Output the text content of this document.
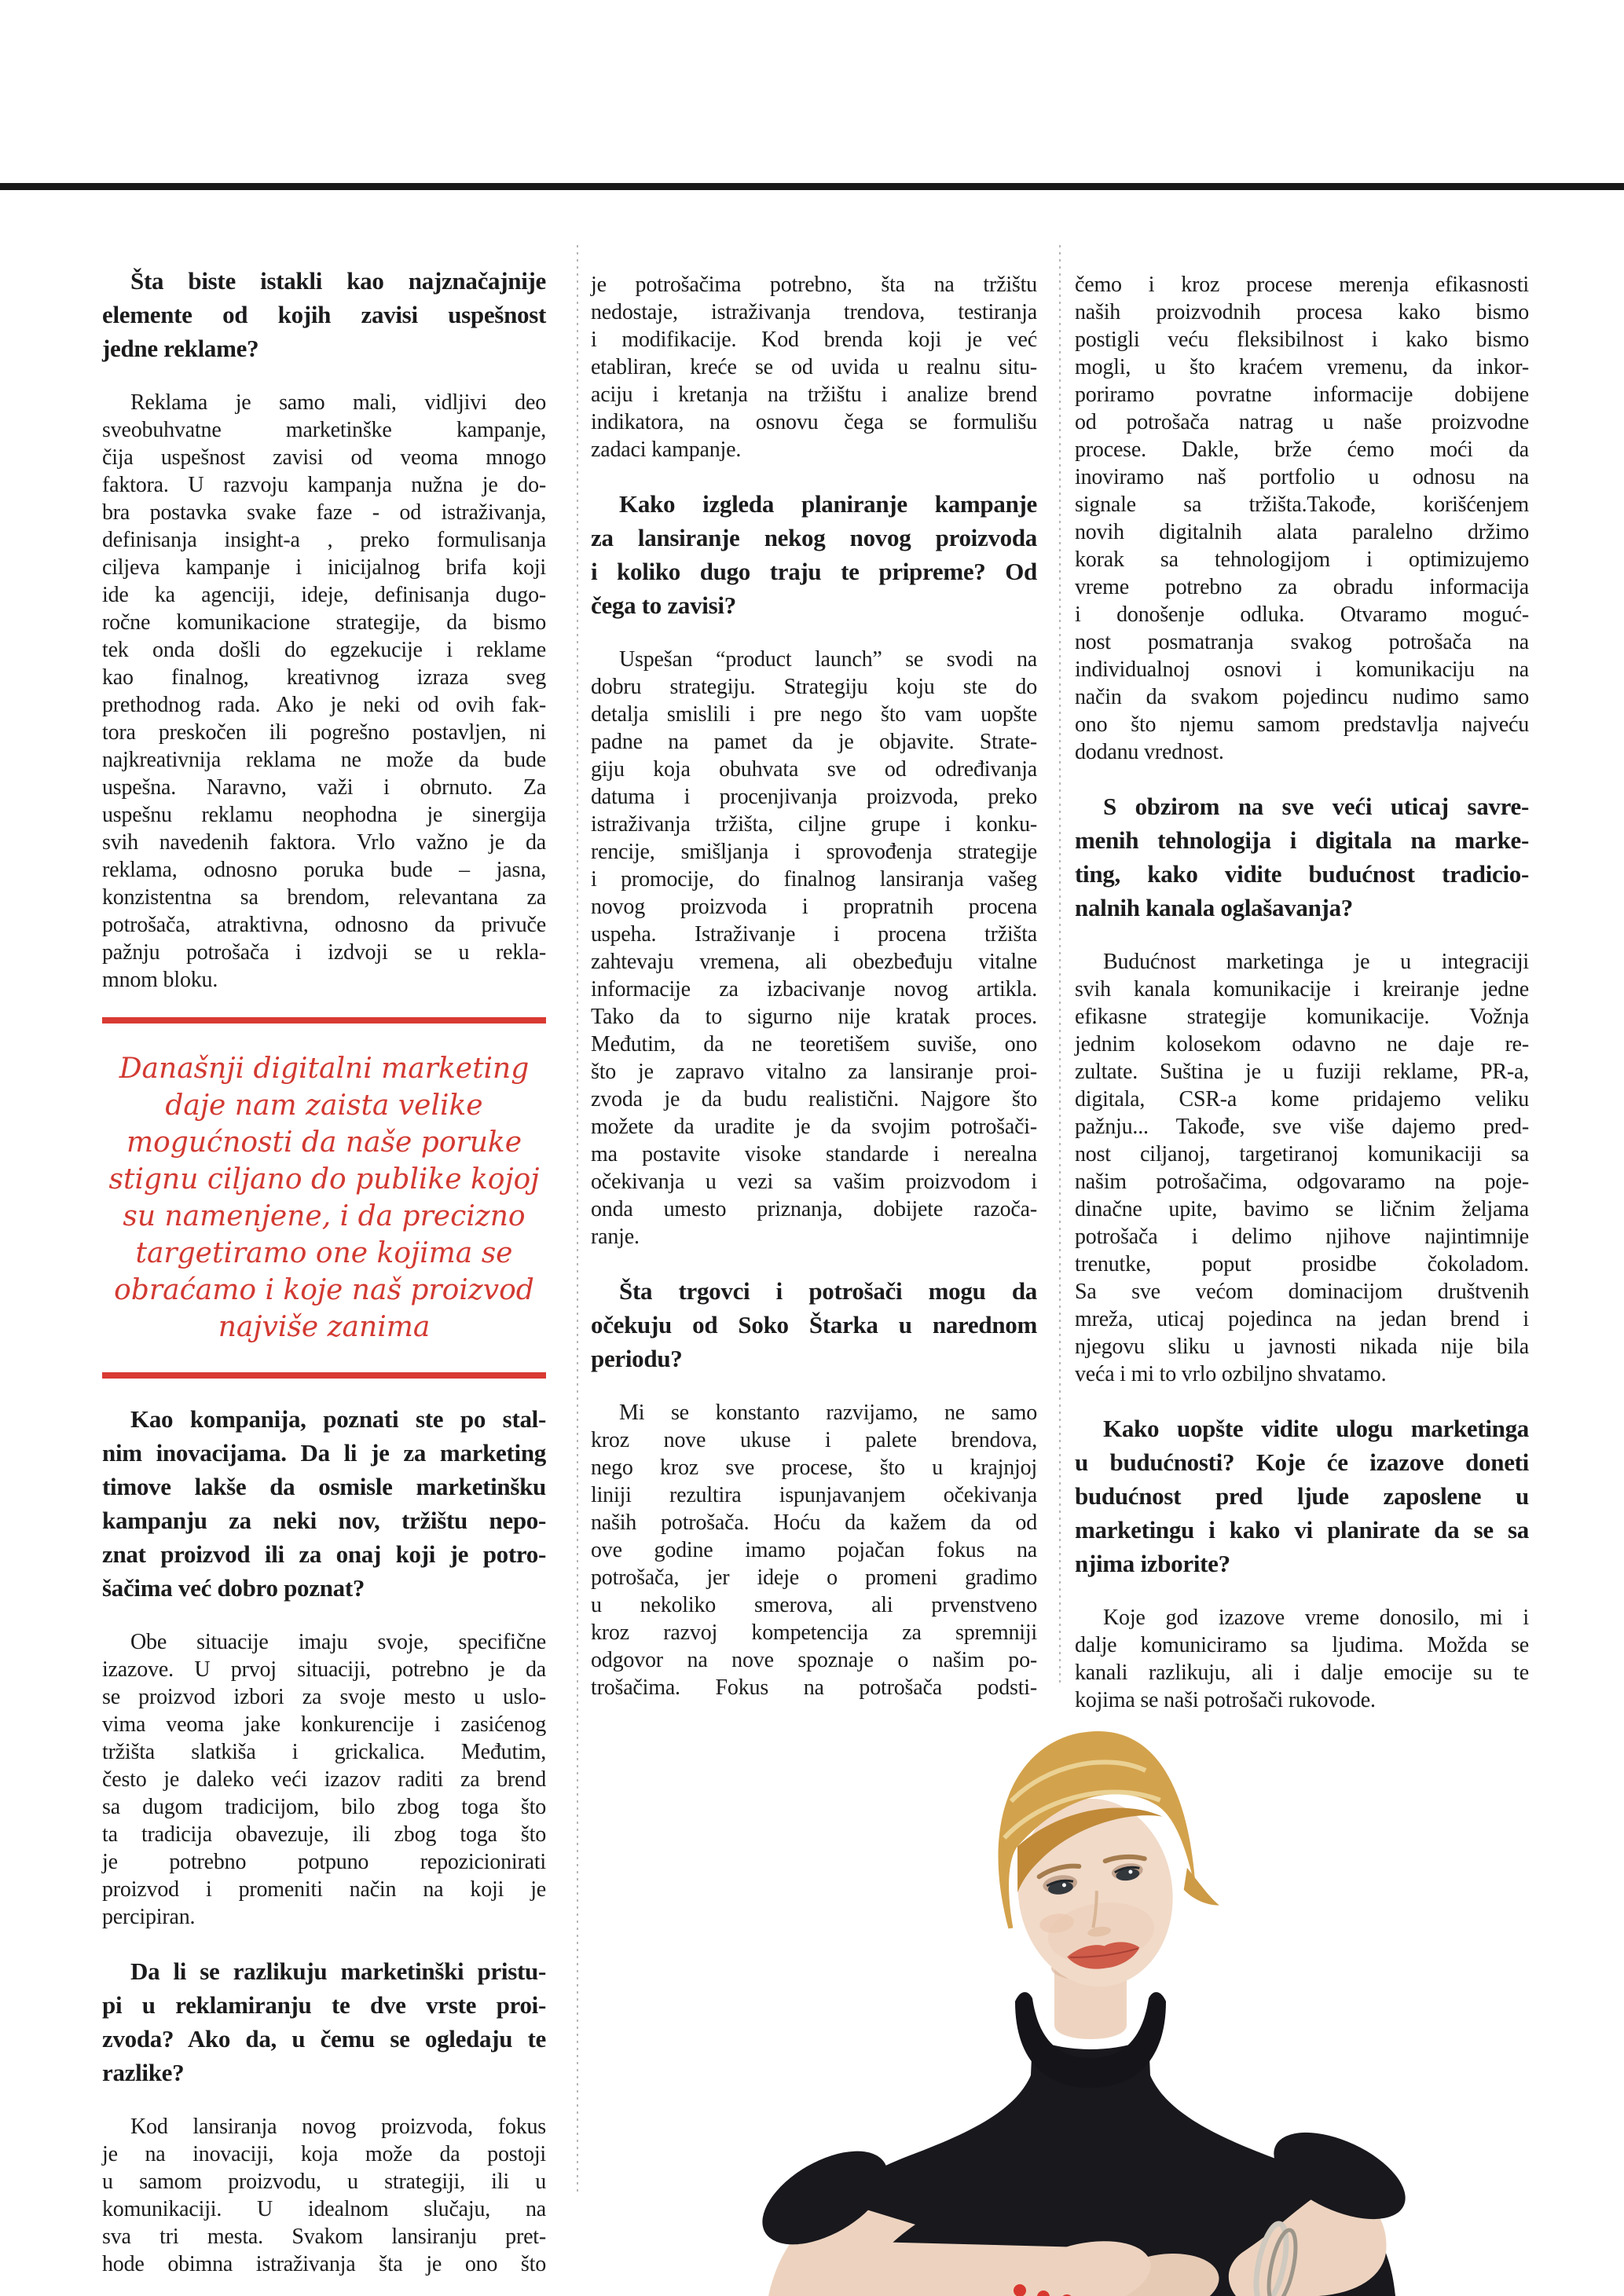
Šta biste istakli kao najznačajnije
elemente od kojih zavisi uspešnost
jedne reklame?
Reklama je samo mali, vidljivi deo
sveobuhvatne marketinške kampanje,
čija uspešnost zavisi od veoma mnogo
faktora. U razvoju kampanja nužna je do-
bra postavka svake faze - od istraživanja,
definisanja insight-a , preko formulisanja
ciljeva kampanje i inicijalnog brifa koji
ide ka agenciji, ideje, definisanja dugo-
ročne komunikacione strategije, da bismo
tek onda došli do egzekucije i reklame
kao finalnog, kreativnog izraza sveg
prethodnog rada. Ako je neki od ovih fak-
tora preskočen ili pogrešno postavljen, ni
najkreativnija reklama ne može da bude
uspešna. Naravno, važi i obrnuto. Za
uspešnu reklamu neophodna je sinergija
svih navedenih faktora. Vrlo važno je da
reklama, odnosno poruka bude – jasna,
konzistentna sa brendom, relevantana za
potrošača, atraktivna, odnosno da privuče
pažnju potrošača i izdvoji se u rekla-
mnom bloku.
Današnji digitalni marketing
daje nam zaista velike
mogućnosti da naše poruke
stignu ciljano do publike kojoj
su namenjene, i da precizno
targetiramo one kojima se
obraćamo i koje naš proizvod
najviše zanima
Kao kompanija, poznati ste po stal-
nim inovacijama. Da li je za marketing
timove lakše da osmisle marketinšku
kampanju za neki nov, tržištu nepo-
znat proizvod ili za onaj koji je potro-
šačima već dobro poznat?
Obe situacije imaju svoje, specifične
izazove. U prvoj situaciji, potrebno je da
se proizvod izbori za svoje mesto u uslo-
vima veoma jake konkurencije i zasićenog
tržišta slatkiša i grickalica. Međutim,
često je daleko veći izazov raditi za brend
sa dugom tradicijom, bilo zbog toga što
ta tradicija obavezuje, ili zbog toga što
je potrebno potpuno repozicionirati
proizvod i promeniti način na koji je
percipiran.
Da li se razlikuju marketinški pristu-
pi u reklamiranju te dve vrste proi-
zvoda? Ako da, u čemu se ogledaju te
razlike?
Kod lansiranja novog proizvoda, fokus
je na inovaciji, koja može da postoji
u samom proizvodu, u strategiji, ili u
komunikaciji. U idealnom slučaju, na
sva tri mesta. Svakom lansiranju pret-
hode obimna istraživanja šta je ono što
je potrošačima potrebno, šta na tržištu
nedostaje, istraživanja trendova, testiranja
i modifikacije. Kod brenda koji je već
etabliran, kreće se od uvida u realnu situ-
aciju i kretanja na tržištu i analize brend
indikatora, na osnovu čega se formulišu
zadaci kampanje.
Kako izgleda planiranje kampanje
za lansiranje nekog novog proizvoda
i koliko dugo traju te pripreme? Od
čega to zavisi?
Uspešan “product launch” se svodi na
dobru strategiju. Strategiju koju ste do
detalja smislili i pre nego što vam uopšte
padne na pamet da je objavite. Strate-
giju koja obuhvata sve od određivanja
datuma i procenjivanja proizvoda, preko
istraživanja tržišta, ciljne grupe i konku-
rencije, smišljanja i sprovođenja strategije
i promocije, do finalnog lansiranja vašeg
novog proizvoda i propratnih procena
uspeha. Istraživanje i procena tržišta
zahtevaju vremena, ali obezbeđuju vitalne
informacije za izbacivanje novog artikla.
Tako da to sigurno nije kratak proces.
Međutim, da ne teoretišem suviše, ono
što je zapravo vitalno za lansiranje proi-
zvoda je da budu realistični. Najgore što
možete da uradite je da svojim potrošači-
ma postavite visoke standarde i nerealna
očekivanja u vezi sa vašim proizvodom i
onda umesto priznanja, dobijete razoča-
ranje.
Šta trgovci i potrošači mogu da
očekuju od Soko Štarka u narednom
periodu?
Mi se konstanto razvijamo, ne samo
kroz nove ukuse i palete brendova,
nego kroz sve procese, što u krajnjoj
liniji rezultira ispunjavanjem očekivanja
naših potrošača. Hoću da kažem da od
ove godine imamo pojačan fokus na
potrošača, jer ideje o promeni gradimo
u nekoliko smerova, ali prvenstveno
kroz razvoj kompetencija za spremniji
odgovor na nove spoznaje o našim po-
trošačima. Fokus na potrošača podsti-
čemo i kroz procese merenja efikasnosti
naših proizvodnih procesa kako bismo
postigli veću fleksibilnost i kako bismo
mogli, u što kraćem vremenu, da inkor-
poriramo povratne informacije dobijene
od potrošača natrag u naše proizvodne
procese. Dakle, brže ćemo moći da
inoviramo naš portfolio u odnosu na
signale sa tržišta.Takođe, korišćenjem
novih digitalnih alata paralelno držimo
korak sa tehnologijom i optimizujemo
vreme potrebno za obradu informacija
i donošenje odluka. Otvaramo moguć-
nost posmatranja svakog potrošača na
individualnoj osnovi i komunikaciju na
način da svakom pojedincu nudimo samo
ono što njemu samom predstavlja najveću
dodanu vrednost.
S obzirom na sve veći uticaj savre-
menih tehnologija i digitala na marke-
ting, kako vidite budućnost tradicio-
nalnih kanala oglašavanja?
Budućnost marketinga je u integraciji
svih kanala komunikacije i kreiranje jedne
efikasne strategije komunikacije. Vožnja
jednim kolosekom odavno ne daje re-
zultate. Suština je u fuziji reklame, PR-a,
digitala, CSR-a kome pridajemo veliku
pažnju... Takođe, sve više dajemo pred-
nost ciljanoj, targetiranoj komunikaciji sa
našim potrošačima, odgovaramo na poje-
dinačne upite, bavimo se ličnim željama
potrošača i delimo njihove najintimnije
trenutke, poput prosidbe čokoladom.
Sa sve većom dominacijom društvenih
mreža, uticaj pojedinca na jedan brend i
njegovu sliku u javnosti nikada nije bila
veća i mi to vrlo ozbiljno shvatamo.
Kako uopšte vidite ulogu marketinga
u budućnosti? Koje će izazove doneti
budućnost pred ljude zaposlene u
marketingu i kako vi planirate da se sa
njima izborite?
Koje god izazove vreme donosilo, mi i
dalje komuniciramo sa ljudima. Možda se
kanali razlikuju, ali i dalje emocije su te
kojima se naši potrošači rukovode.
